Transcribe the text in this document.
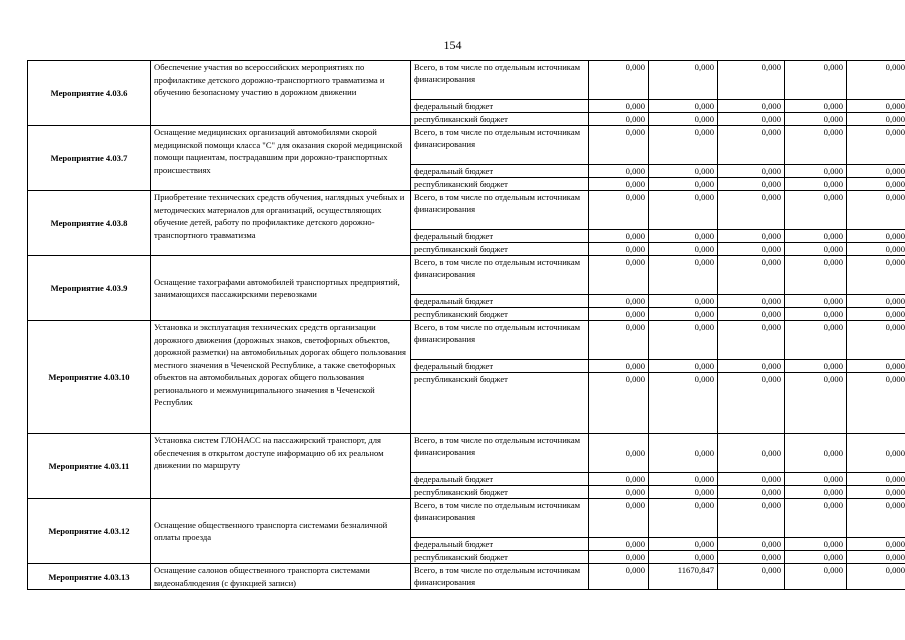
154
Мероприятие 4.03.6	Обеспечение участия во всероссийских мероприятиях по профилактике детского дорожно-транспортного травматизма и обучению безопасному участию в дорожном движении	Всего, в том числе по отдельным источникам финансирования	0,000	0,000	0,000	0,000	0,000
		федеральный бюджет	0,000	0,000	0,000	0,000	0,000
		республиканский бюджет	0,000	0,000	0,000	0,000	0,000
Мероприятие 4.03.7	Оснащение медицинских организаций автомобилями скорой медицинской помощи класса "С" для оказания скорой медицинской помощи пациентам, пострадавшим при дорожно-транспортных происшествиях	Всего, в том числе по отдельным источникам финансирования	0,000	0,000	0,000	0,000	0,000
		федеральный бюджет	0,000	0,000	0,000	0,000	0,000
		республиканский бюджет	0,000	0,000	0,000	0,000	0,000
Мероприятие 4.03.8	Приобретение технических средств обучения, наглядных учебных и методических материалов для организаций, осуществляющих обучение детей, работу по профилактике детского дорожно-транспортного травматизма	Всего, в том числе по отдельным источникам финансирования	0,000	0,000	0,000	0,000	0,000
		федеральный бюджет	0,000	0,000	0,000	0,000	0,000
		республиканский бюджет	0,000	0,000	0,000	0,000	0,000
Мероприятие 4.03.9	Оснащение тахографами автомобилей транспортных предприятий, занимающихся пассажирскими перевозками	Всего, в том числе по отдельным источникам финансирования	0,000	0,000	0,000	0,000	0,000
		федеральный бюджет	0,000	0,000	0,000	0,000	0,000
		республиканский бюджет	0,000	0,000	0,000	0,000	0,000
Мероприятие 4.03.10	Установка и эксплуатация технических средств организации дорожного движения (дорожных знаков, светофорных объектов, дорожной разметки) на автомобильных дорогах общего пользования местного значения в Чеченской Республике, а также светофорных объектов на автомобильных дорогах общего пользования регионального и межмуниципального значения в Чеченской Республик	Всего, в том числе по отдельным источникам финансирования	0,000	0,000	0,000	0,000	0,000
		федеральный бюджет	0,000	0,000	0,000	0,000	0,000
		республиканский бюджет	0,000	0,000	0,000	0,000	0,000
Мероприятие 4.03.11	Установка систем ГЛОНАСС на пассажирский транспорт, для обеспечения в открытом доступе информацию об их реальном движении по маршруту	Всего, в том числе по отдельным источникам финансирования	0,000	0,000	0,000	0,000	0,000
		федеральный бюджет	0,000	0,000	0,000	0,000	0,000
		республиканский бюджет	0,000	0,000	0,000	0,000	0,000
Мероприятие 4.03.12	Оснащение общественного транспорта системами безналичной оплаты проезда	Всего, в том числе по отдельным источникам финансирования	0,000	0,000	0,000	0,000	0,000
		федеральный бюджет	0,000	0,000	0,000	0,000	0,000
		республиканский бюджет	0,000	0,000	0,000	0,000	0,000
Мероприятие 4.03.13	Оснащение салонов общественного транспорта системами видеонаблюдения (с функцией записи)	Всего, в том числе по отдельным источникам финансирования	0,000	11670,847	0,000	0,000	0,000
